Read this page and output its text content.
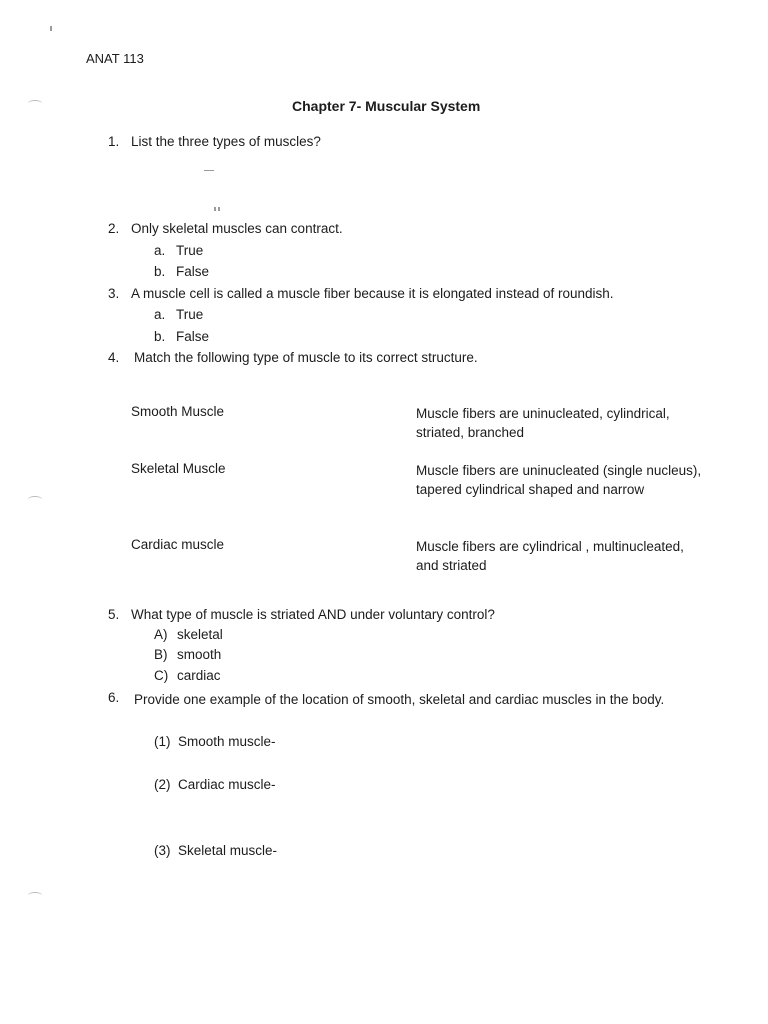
ANAT 113
Chapter 7- Muscular System
1. List the three types of muscles?
2. Only skeletal muscles can contract.
a. True
b. False
3. A muscle cell is called a muscle fiber because it is elongated instead of roundish.
a. True
b. False
4. Match the following type of muscle to its correct structure.
Smooth Muscle	Muscle fibers are uninucleated, cylindrical, striated, branched
Skeletal Muscle	Muscle fibers are uninucleated (single nucleus), tapered cylindrical shaped and narrow
Cardiac muscle	Muscle fibers are cylindrical , multinucleated, and striated
5. What type of muscle is striated AND under voluntary control?
A) skeletal
B) smooth
C) cardiac
6. Provide one example of the location of smooth, skeletal and cardiac muscles in the body.
(1) Smooth muscle-
(2) Cardiac muscle-
(3) Skeletal muscle-
